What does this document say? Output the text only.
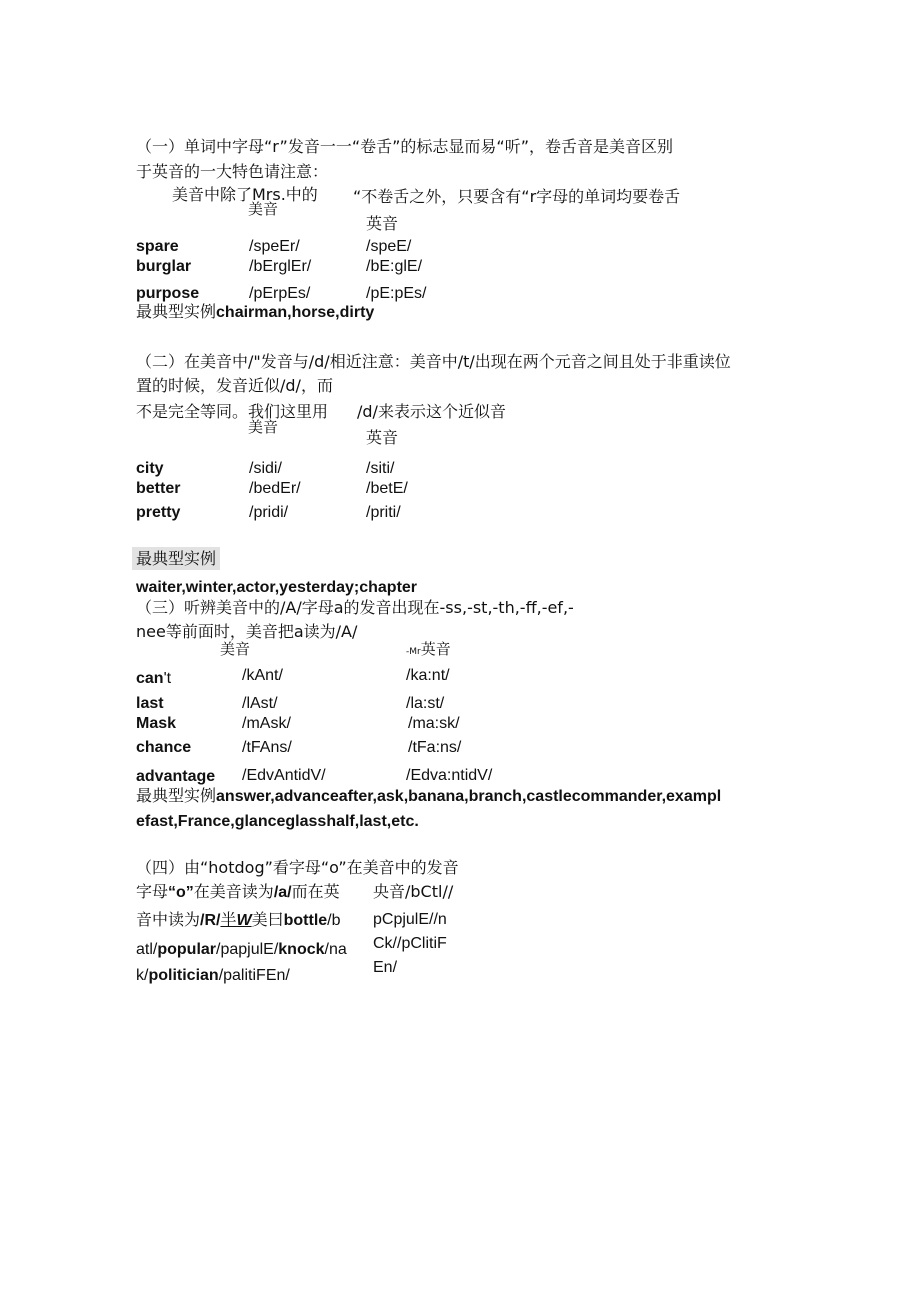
（一）单词中字母“r”发音一一“卷舌”的标志显而易“听”，卷舌音是美音区别
于英音的一大特色请注意：
美音中除了Mrs.中的
美音
“不卷舌之外，只要含有“r字母的单词均要卷舌
英音
spare	/speEr/	/speE/
burglar	/bErglEr/	/bE:glE/
purpose	/pErpEs/	/pE:pEs/
最典型实例chairman,horse,dirty
（二）在美音中/"发音与/d/相近注意：美音中/t/出现在两个元音之间且处于非重读位
置的时候，发音近似/d/，而
不是完全等同。我们这里用 /d/来表示这个近似音
美音
英音
city	/sidi/	/siti/
better	/bedEr/	/betE/
pretty	/pridi/	/priti/
最典型实例
waiter,winter,actor,yesterday;chapter
（三）听辨美音中的/A/字母a的发音出现在-ss,-st,-th,-ff,-ef,-
nee等前面时，美音把a读为/A/
美音	-Mr英音
can't	/kAnt/	/ka:nt/
last	/lAst/	/la:st/
Mask	/mAsk/	/ma:sk/
chance	/tFAns/	/tFa:ns/
advantage /EdvAntidV/	/Edva:ntidV/
最典型实例answer,advanceafter,ask,banana,branch,castlecommander,exampl
efast,France,glanceglasshalf,last,etc.
（四）由“hotdog”看字母“o”在美音中的发音
字母“o”在美音读为/a/而在英
音中读为/R/半W美曰bottle/b
atl/popular/papjulE/knock/na
k/politician/palitiFEn/
央音/bCtl//
pCpjulE//n
Ck//pClitiF
En/
